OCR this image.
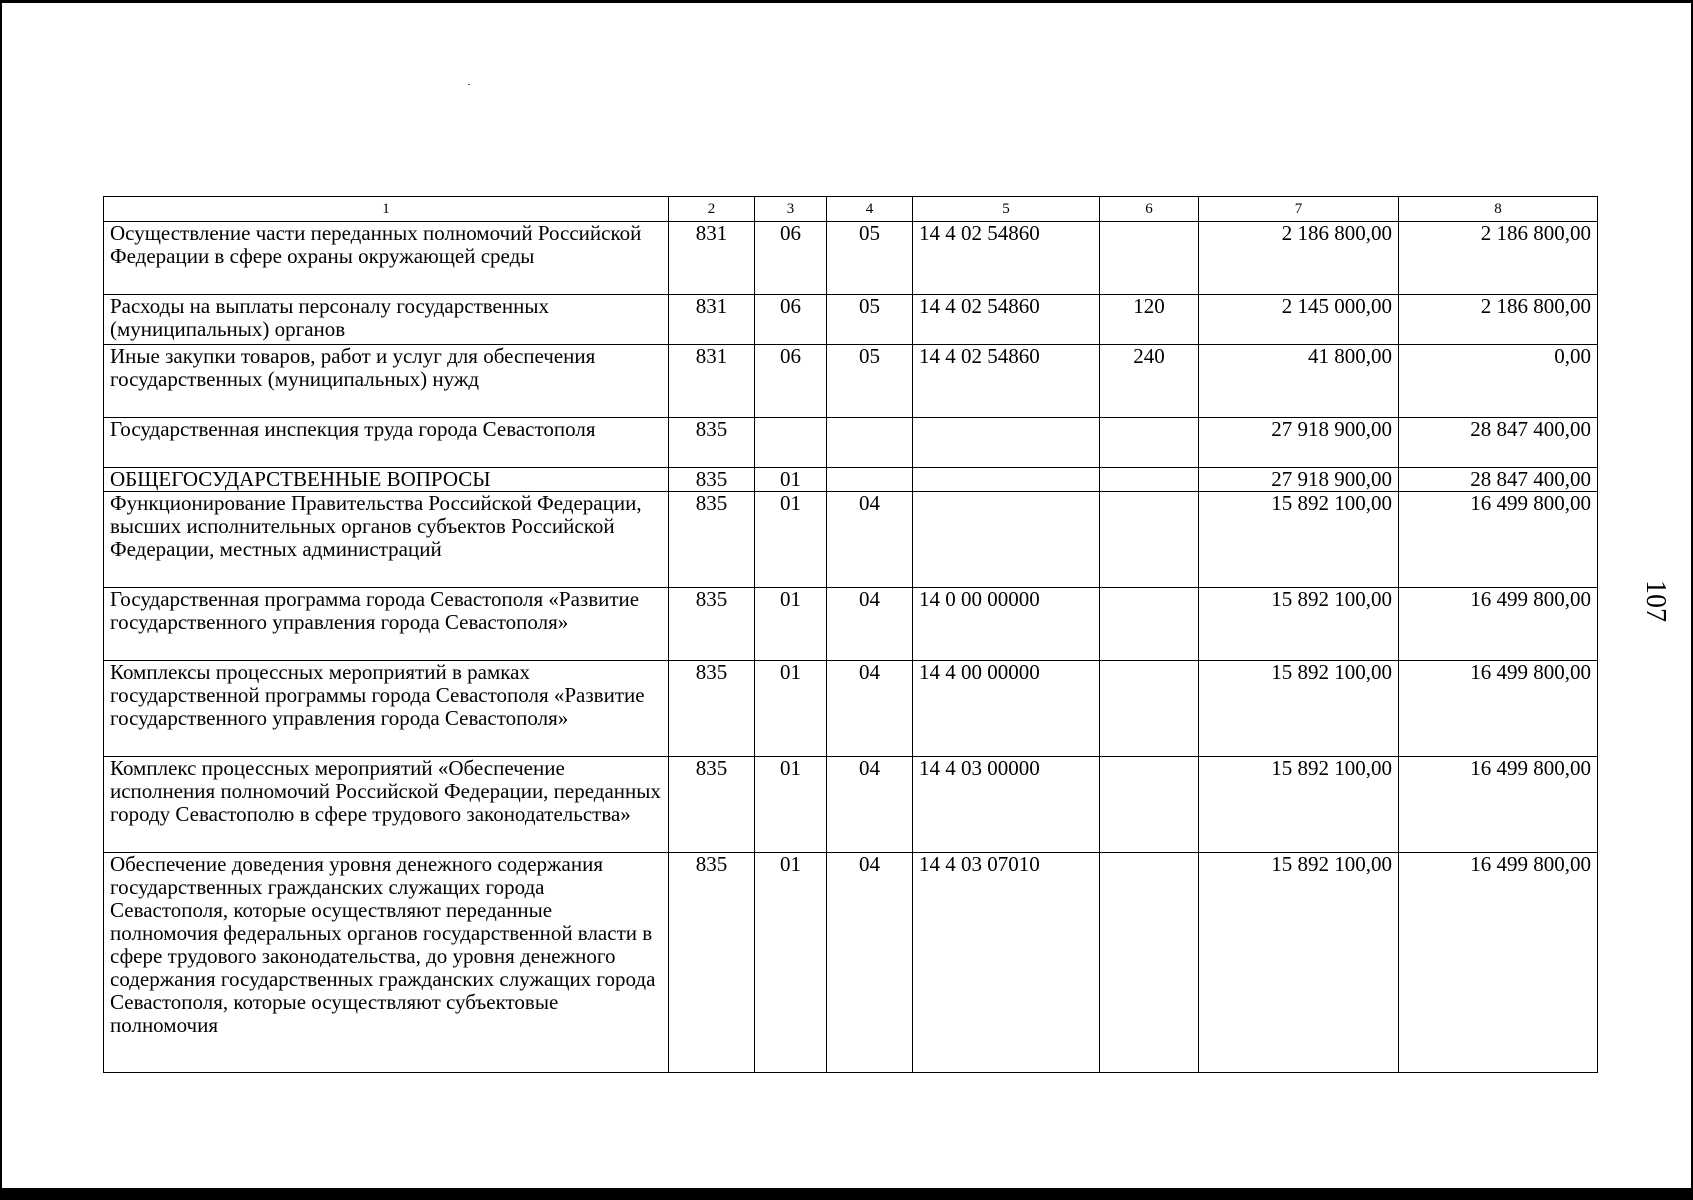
1	2	3	4	5	6	7	8
Осуществление части переданных полномочий Российской Федерации в сфере охраны окружающей среды	831	06	05	14 4 02 54860		2 186 800,00	2 186 800,00
Расходы на выплаты персоналу государственных (муниципальных) органов	831	06	05	14 4 02 54860	120	2 145 000,00	2 186 800,00
Иные закупки товаров, работ и услуг для обеспечения государственных (муниципальных) нужд	831	06	05	14 4 02 54860	240	41 800,00	0,00
Государственная инспекция труда города Севастополя	835					27 918 900,00	28 847 400,00
ОБЩЕГОСУДАРСТВЕННЫЕ ВОПРОСЫ	835	01				27 918 900,00	28 847 400,00
Функционирование Правительства Российской Федерации, высших исполнительных органов субъектов Российской Федерации, местных администраций	835	01	04			15 892 100,00	16 499 800,00
Государственная программа города Севастополя «Развитие государственного управления города Севастополя»	835	01	04	14 0 00 00000		15 892 100,00	16 499 800,00
Комплексы процессных мероприятий в рамках государственной программы города Севастополя «Развитие государственного управления города Севастополя»	835	01	04	14 4 00 00000		15 892 100,00	16 499 800,00
Комплекс процессных мероприятий «Обеспечение исполнения полномочий Российской Федерации, переданных городу Севастополю в сфере трудового законодательства»	835	01	04	14 4 03 00000		15 892 100,00	16 499 800,00
Обеспечение доведения уровня денежного содержания государственных гражданских служащих города Севастополя, которые осуществляют переданные полномочия федеральных органов государственной власти в сфере трудового законодательства, до уровня денежного содержания государственных гражданских служащих города Севастополя, которые осуществляют субъектовые полномочия	835	01	04	14 4 03 07010		15 892 100,00	16 499 800,00
107
